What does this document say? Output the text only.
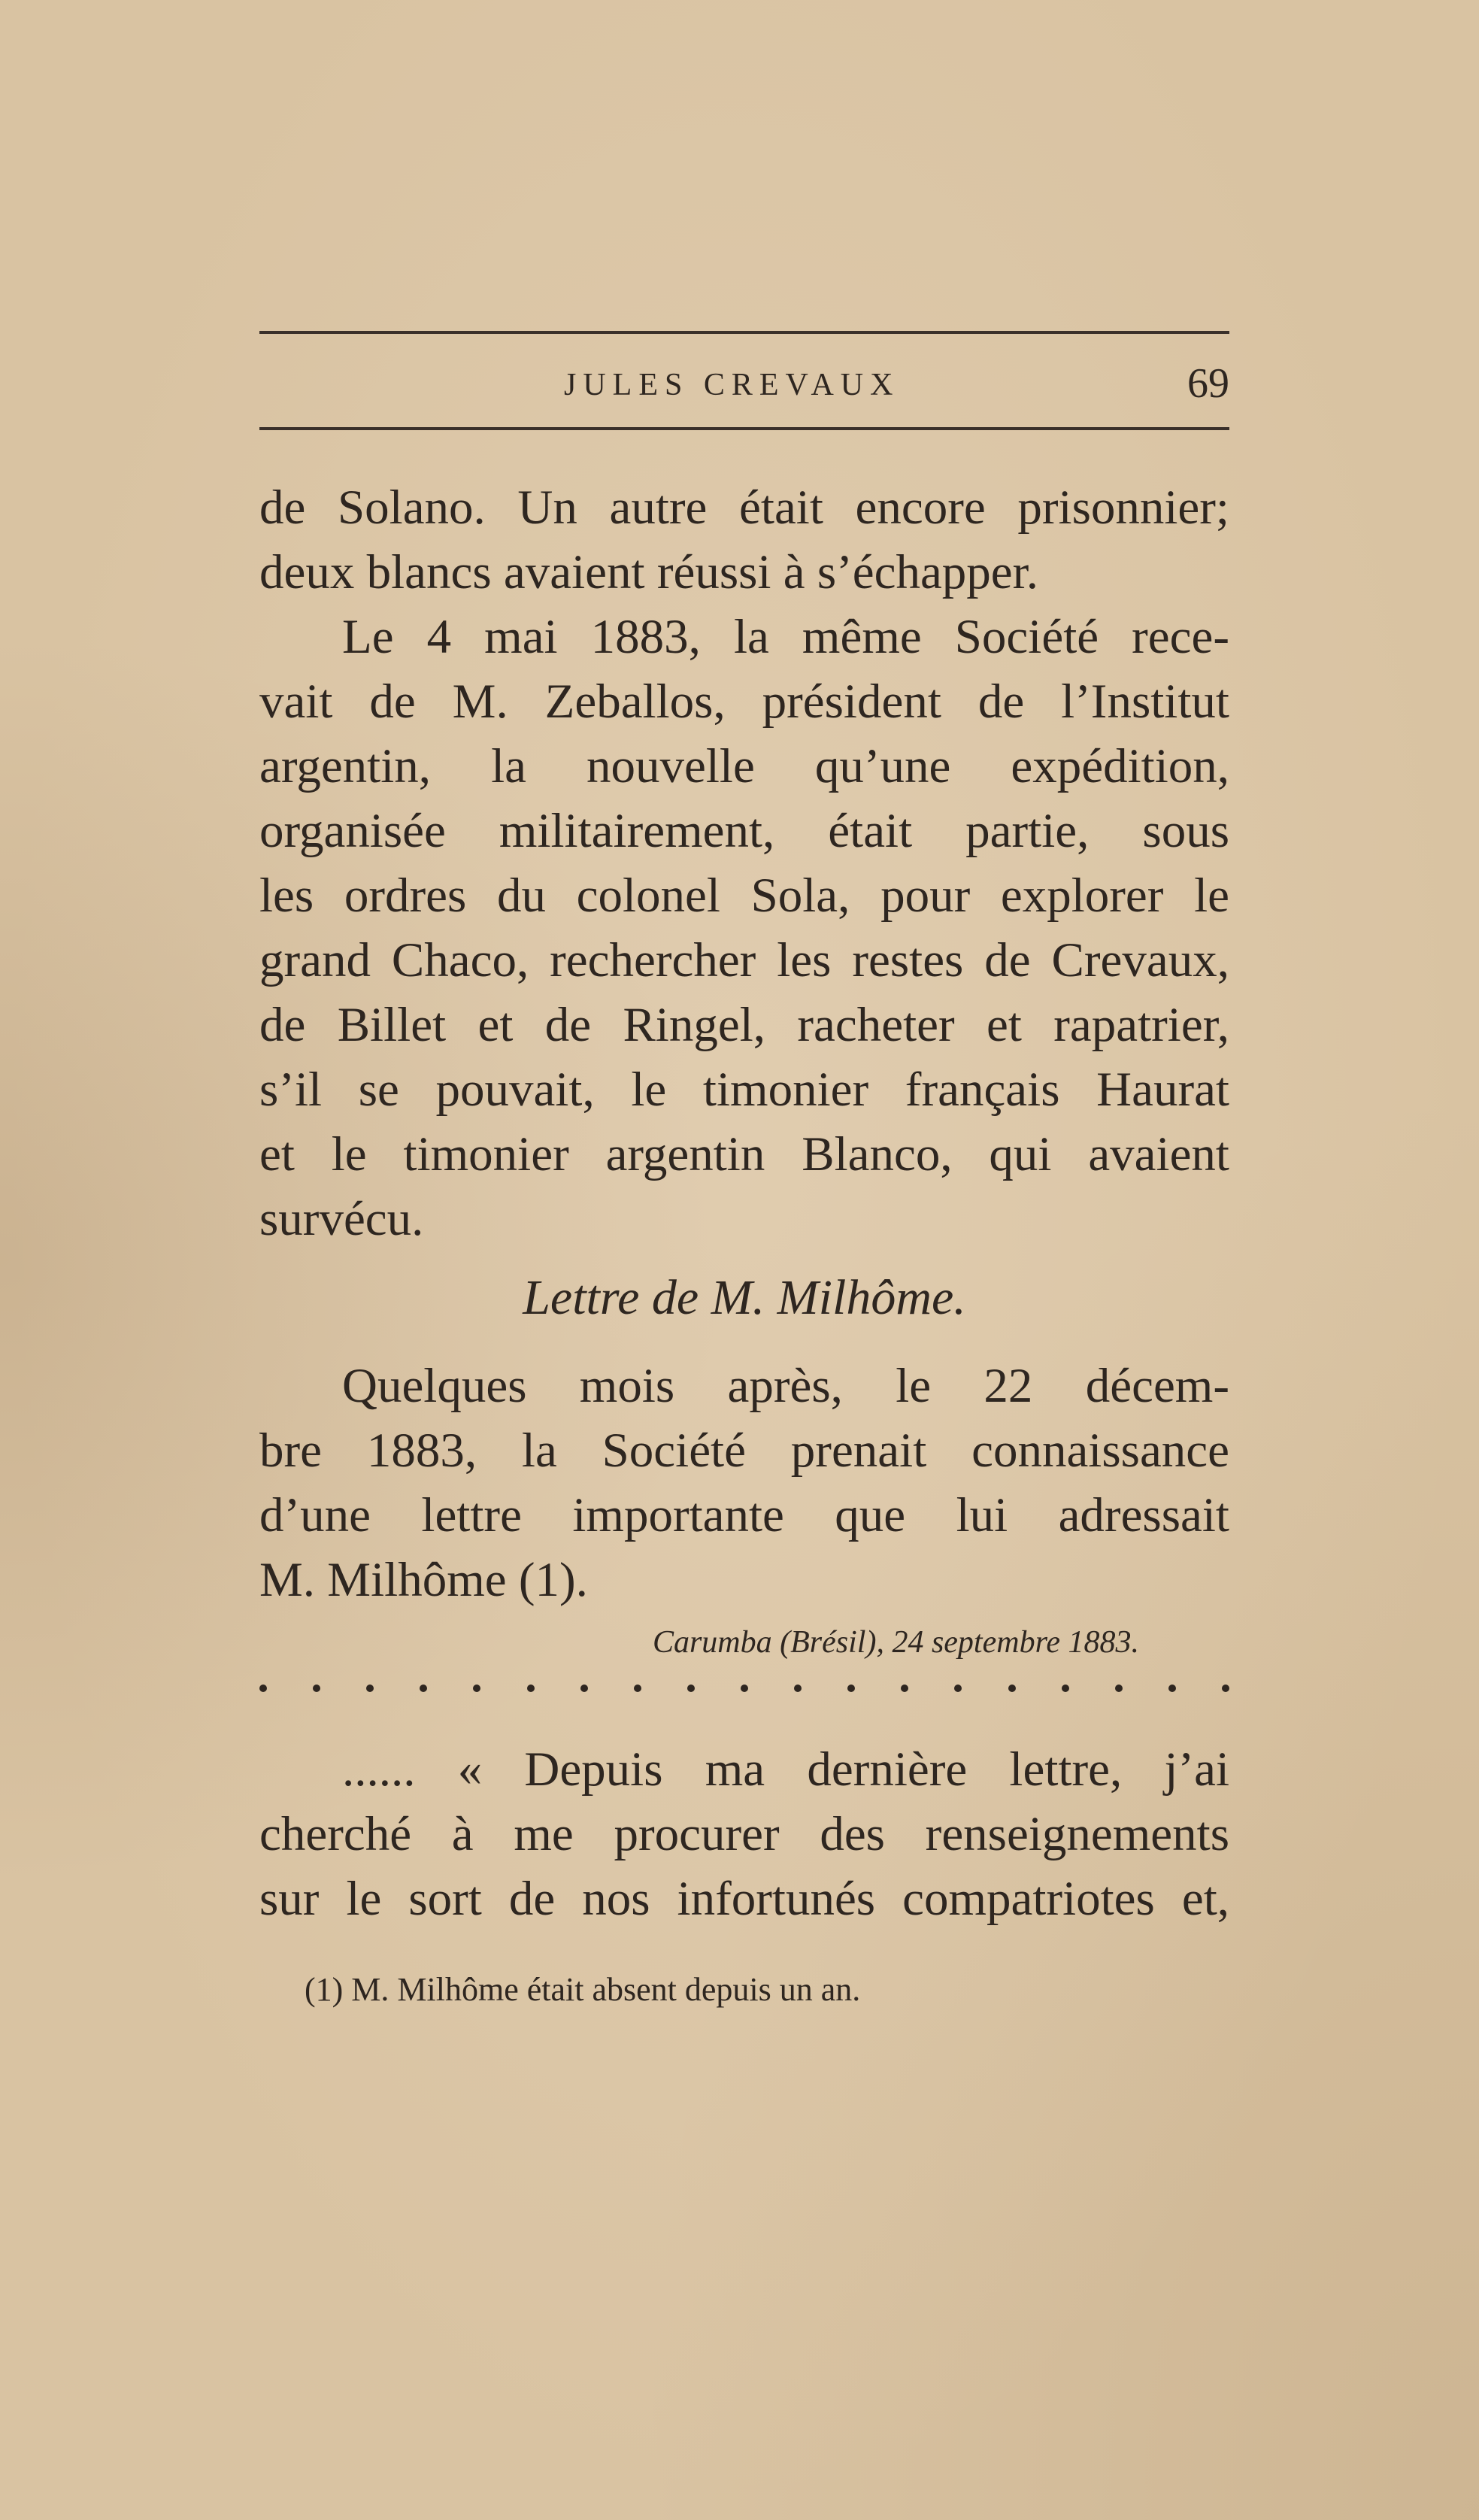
JULES CREVAUX	69
de Solano. Un autre était encore prisonnier;
deux blancs avaient réussi à s’échapper.
Le 4 mai 1883, la même Société rece-
vait de M. Zeballos, président de l’Institut
argentin, la nouvelle qu’une expédition,
organisée militairement, était partie, sous
les ordres du colonel Sola, pour explorer le
grand Chaco, rechercher les restes de Crevaux,
de Billet et de Ringel, racheter et rapatrier,
s’il se pouvait, le timonier français Haurat
et le timonier argentin Blanco, qui avaient
survécu.
Lettre de M. Milhôme.
Quelques mois après, le 22 décem-
bre 1883, la Société prenait connaissance
d’une lettre importante que lui adressait
M. Milhôme (1).
Carumba (Brésil), 24 septembre 1883.
...... « Depuis ma dernière lettre, j’ai
cherché à me procurer des renseignements
sur le sort de nos infortunés compatriotes et,
(1) M. Milhôme était absent depuis un an.
